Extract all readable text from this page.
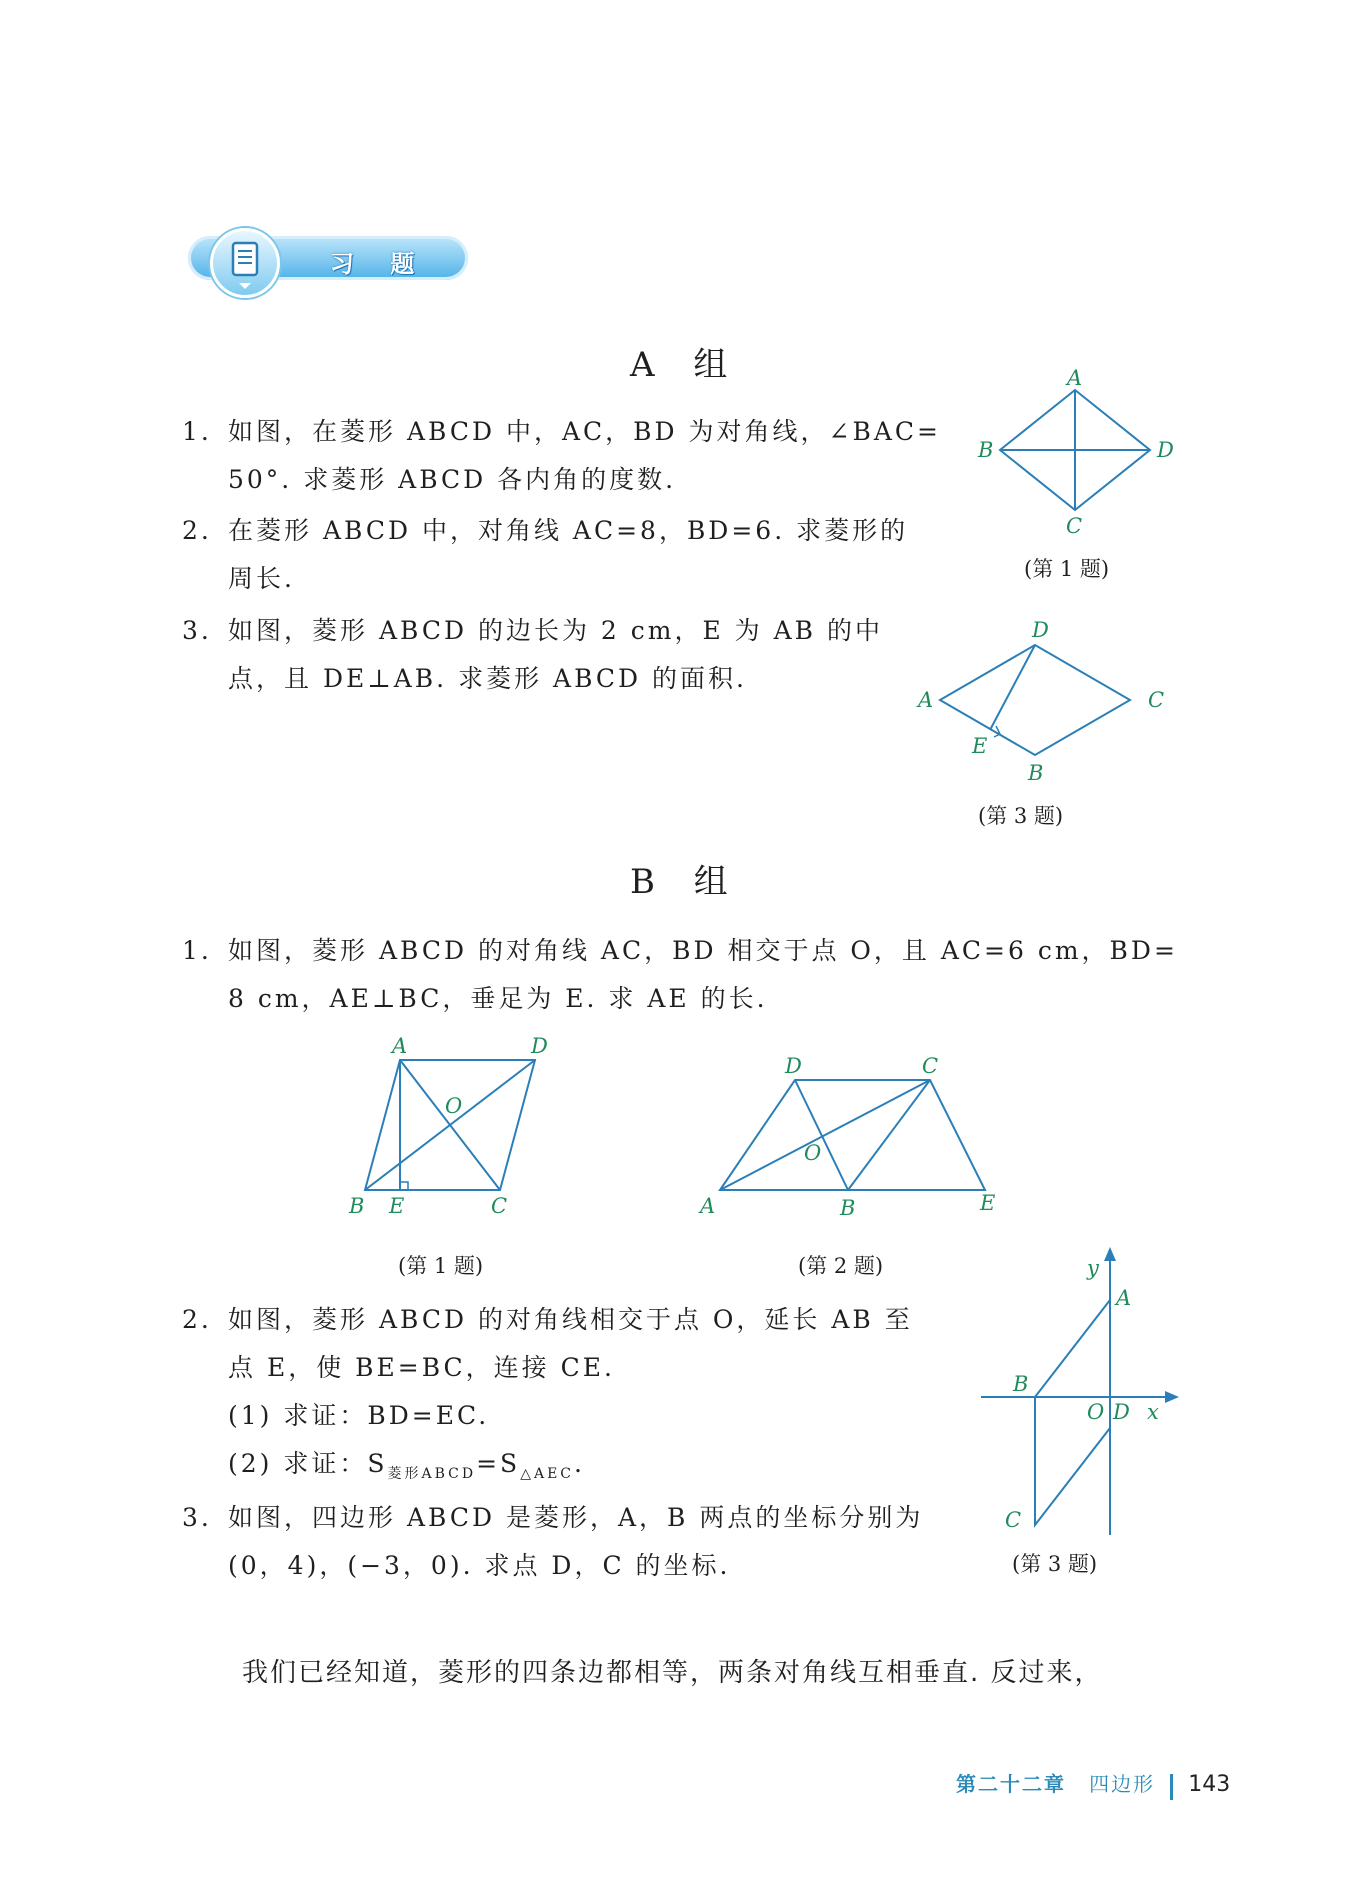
习 题
A 组
1. 如图，在菱形 ABCD 中，AC，BD 为对角线，∠BAC=
50°. 求菱形 ABCD 各内角的度数.
2. 在菱形 ABCD 中，对角线 AC=8，BD=6. 求菱形的
周长.
3. 如图，菱形 ABCD 的边长为 2 cm，E 为 AB 的中
点，且 DE⊥AB. 求菱形 ABCD 的面积.
A
B
C
D
(第 1 题)
D
A
B
C
E
(第 3 题)
B 组
1. 如图，菱形 ABCD 的对角线 AC，BD 相交于点 O，且 AC=6 cm，BD=
8 cm，AE⊥BC，垂足为 E. 求 AE 的长.
A	D
O
B E	C
(第 1 题)
D	C
O
A	B	E
(第 2 题)
2. 如图，菱形 ABCD 的对角线相交于点 O，延长 AB 至
点 E，使 BE=BC，连接 CE.
(1) 求证：BD=EC.
(2) 求证：$S_{菱形ABCD}=S_{\triangle AEC}$.
3. 如图，四边形 ABCD 是菱形，A，B 两点的坐标分别为
(0，4)，(−3，0). 求点 D，C 的坐标.
y
A
B
O D x
C
(第 3 题)
我们已经知道，菱形的四条边都相等，两条对角线互相垂直. 反过来，
第二十二章 四边形 143
